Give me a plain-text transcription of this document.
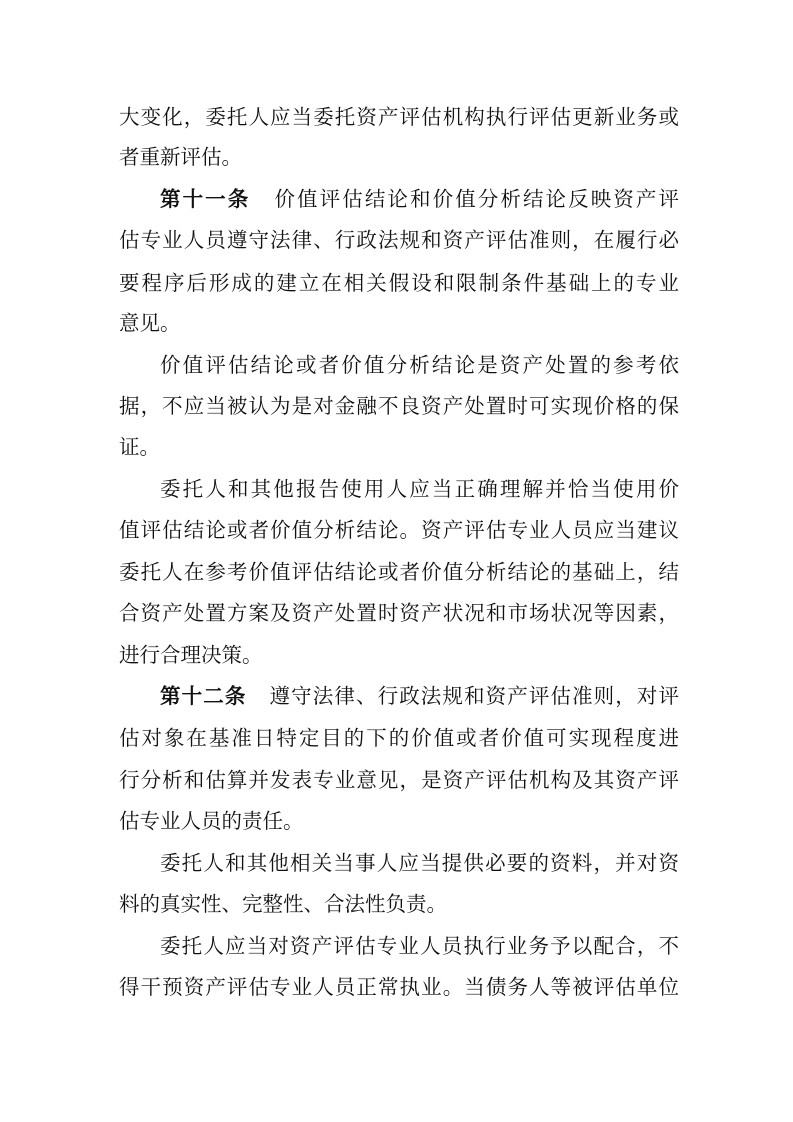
大变化，委托人应当委托资产评估机构执行评估更新业务或
者重新评估。
第十一条 价值评估结论和价值分析结论反映资产评
估专业人员遵守法律、行政法规和资产评估准则，在履行必
要程序后形成的建立在相关假设和限制条件基础上的专业
意见。
价值评估结论或者价值分析结论是资产处置的参考依
据，不应当被认为是对金融不良资产处置时可实现价格的保
证。
委托人和其他报告使用人应当正确理解并恰当使用价
值评估结论或者价值分析结论。资产评估专业人员应当建议
委托人在参考价值评估结论或者价值分析结论的基础上，结
合资产处置方案及资产处置时资产状况和市场状况等因素，
进行合理决策。
第十二条 遵守法律、行政法规和资产评估准则，对评
估对象在基准日特定目的下的价值或者价值可实现程度进
行分析和估算并发表专业意见，是资产评估机构及其资产评
估专业人员的责任。
委托人和其他相关当事人应当提供必要的资料，并对资
料的真实性、完整性、合法性负责。
委托人应当对资产评估专业人员执行业务予以配合，不
得干预资产评估专业人员正常执业。当债务人等被评估单位
